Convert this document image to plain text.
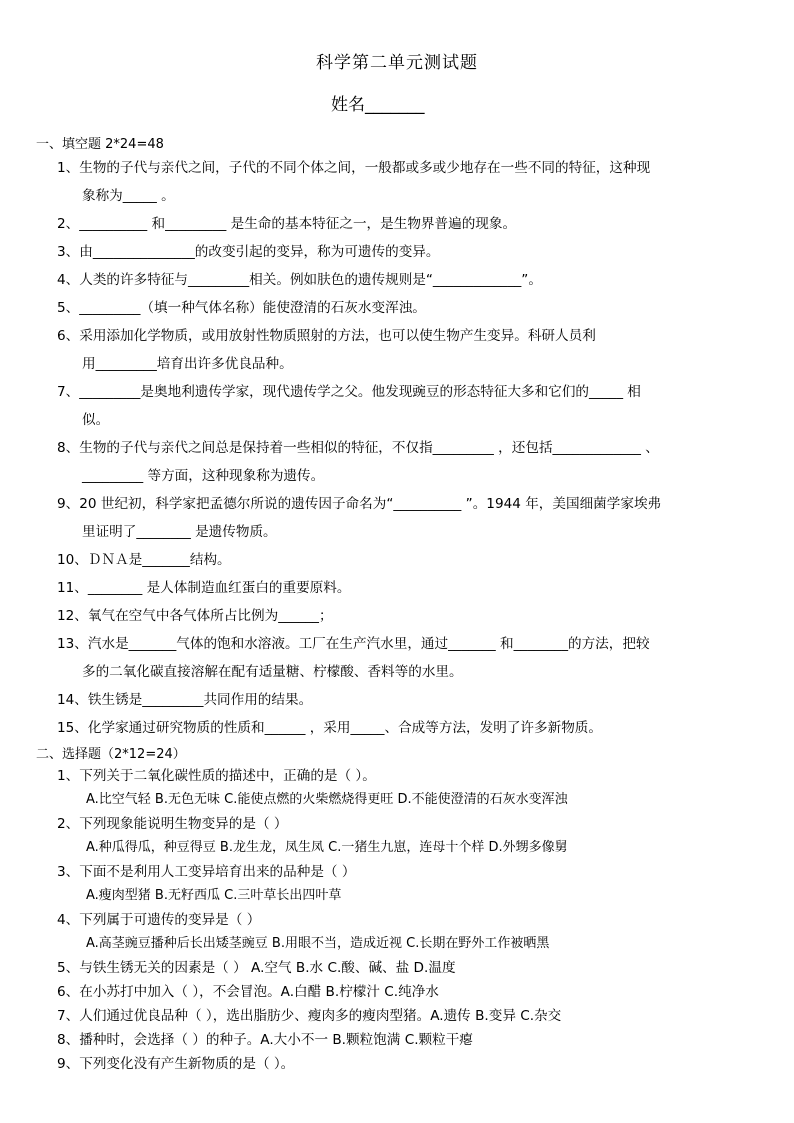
科学第二单元测试题
姓名_______
一、填空题 2*24=48
1、生物的子代与亲代之间，子代的不同个体之间，一般都或多或少地存在一些不同的特征，这种现
象称为_____ 。
2、__________ 和_________ 是生命的基本特征之一，是生物界普遍的现象。
3、由_______________的改变引起的变异，称为可遗传的变异。
4、人类的许多特征与_________相关。例如肤色的遗传规则是“_____________”。
5、_________（填一种气体名称）能使澄清的石灰水变浑浊。
6、采用添加化学物质，或用放射性物质照射的方法，也可以使生物产生变异。科研人员利
用_________培育出许多优良品种。
7、_________是奥地利遗传学家，现代遗传学之父。他发现豌豆的形态特征大多和它们的_____ 相
似。
8、生物的子代与亲代之间总是保持着一些相似的特征，不仅指_________ ，还包括_____________ 、
_________ 等方面，这种现象称为遗传。
9、20 世纪初，科学家把孟德尔所说的遗传因子命名为“__________ ”。1944 年，美国细菌学家埃弗
里证明了________ 是遗传物质。
10、ＤＮＡ是_______结构。
11、________ 是人体制造血红蛋白的重要原料。
12、氧气在空气中各气体所占比例为______；
13、汽水是_______气体的饱和水溶液。工厂在生产汽水里，通过_______ 和________的方法，把较
多的二氧化碳直接溶解在配有适量糖、柠檬酸、香料等的水里。
14、铁生锈是_________共同作用的结果。
15、化学家通过研究物质的性质和______ ，采用_____、合成等方法，发明了许多新物质。
二、选择题（2*12=24）
1、下列关于二氧化碳性质的描述中，正确的是（ ）。
A.比空气轻 B.无色无味 C.能使点燃的火柴燃烧得更旺 D.不能使澄清的石灰水变浑浊
2、下列现象能说明生物变异的是（ ）
A.种瓜得瓜，种豆得豆 B.龙生龙，凤生凤 C.一猪生九崽，连母十个样 D.外甥多像舅
3、下面不是利用人工变异培育出来的品种是（ ）
A.瘦肉型猪 B.无籽西瓜 C.三叶草长出四叶草
4、下列属于可遗传的变异是（ ）
A.高茎豌豆播种后长出矮茎豌豆 B.用眼不当，造成近视 C.长期在野外工作被晒黑
5、与铁生锈无关的因素是（ ） A.空气 B.水 C.酸、碱、盐 D.温度
6、在小苏打中加入（ ），不会冒泡。A.白醋 B.柠檬汁 C.纯净水
7、人们通过优良品种（ ），选出脂肪少、瘦肉多的瘦肉型猪。A.遗传 B.变异 C.杂交
8、播种时，会选择（ ）的种子。A.大小不一 B.颗粒饱满 C.颗粒干瘪
9、下列变化没有产生新物质的是（ ）。
